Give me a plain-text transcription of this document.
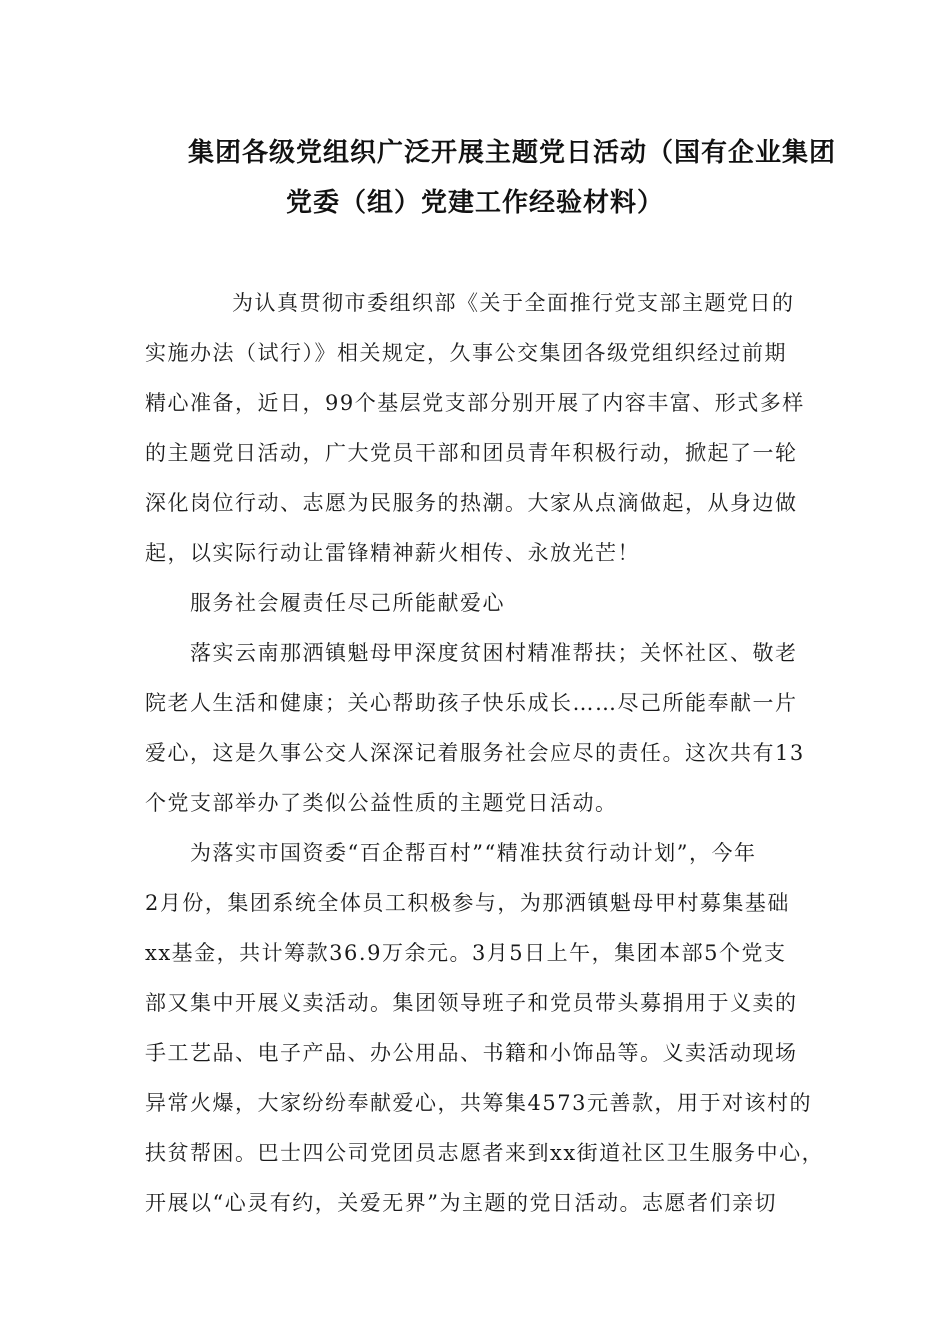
集团各级党组织广泛开展主题党日活动（国有企业集团
党委（组）党建工作经验材料）
为认真贯彻市委组织部《关于全面推行党支部主题党日的
实施办法（试行）》相关规定，久事公交集团各级党组织经过前期
精心准备，近日，99个基层党支部分别开展了内容丰富、形式多样
的主题党日活动，广大党员干部和团员青年积极行动，掀起了一轮
深化岗位行动、志愿为民服务的热潮。大家从点滴做起，从身边做
起，以实际行动让雷锋精神薪火相传、永放光芒！
服务社会履责任尽己所能献爱心
落实云南那洒镇魁母甲深度贫困村精准帮扶；关怀社区、敬老
院老人生活和健康；关心帮助孩子快乐成长……尽己所能奉献一片
爱心，这是久事公交人深深记着服务社会应尽的责任。这次共有13
个党支部举办了类似公益性质的主题党日活动。
为落实市国资委“百企帮百村”“精准扶贫行动计划”，今年
2月份，集团系统全体员工积极参与，为那洒镇魁母甲村募集基础
xx基金，共计筹款36.9万余元。3月5日上午，集团本部5个党支
部又集中开展义卖活动。集团领导班子和党员带头募捐用于义卖的
手工艺品、电子产品、办公用品、书籍和小饰品等。义卖活动现场
异常火爆，大家纷纷奉献爱心，共筹集4573元善款，用于对该村的
扶贫帮困。巴士四公司党团员志愿者来到xx街道社区卫生服务中心，
开展以“心灵有约，关爱无界”为主题的党日活动。志愿者们亲切
